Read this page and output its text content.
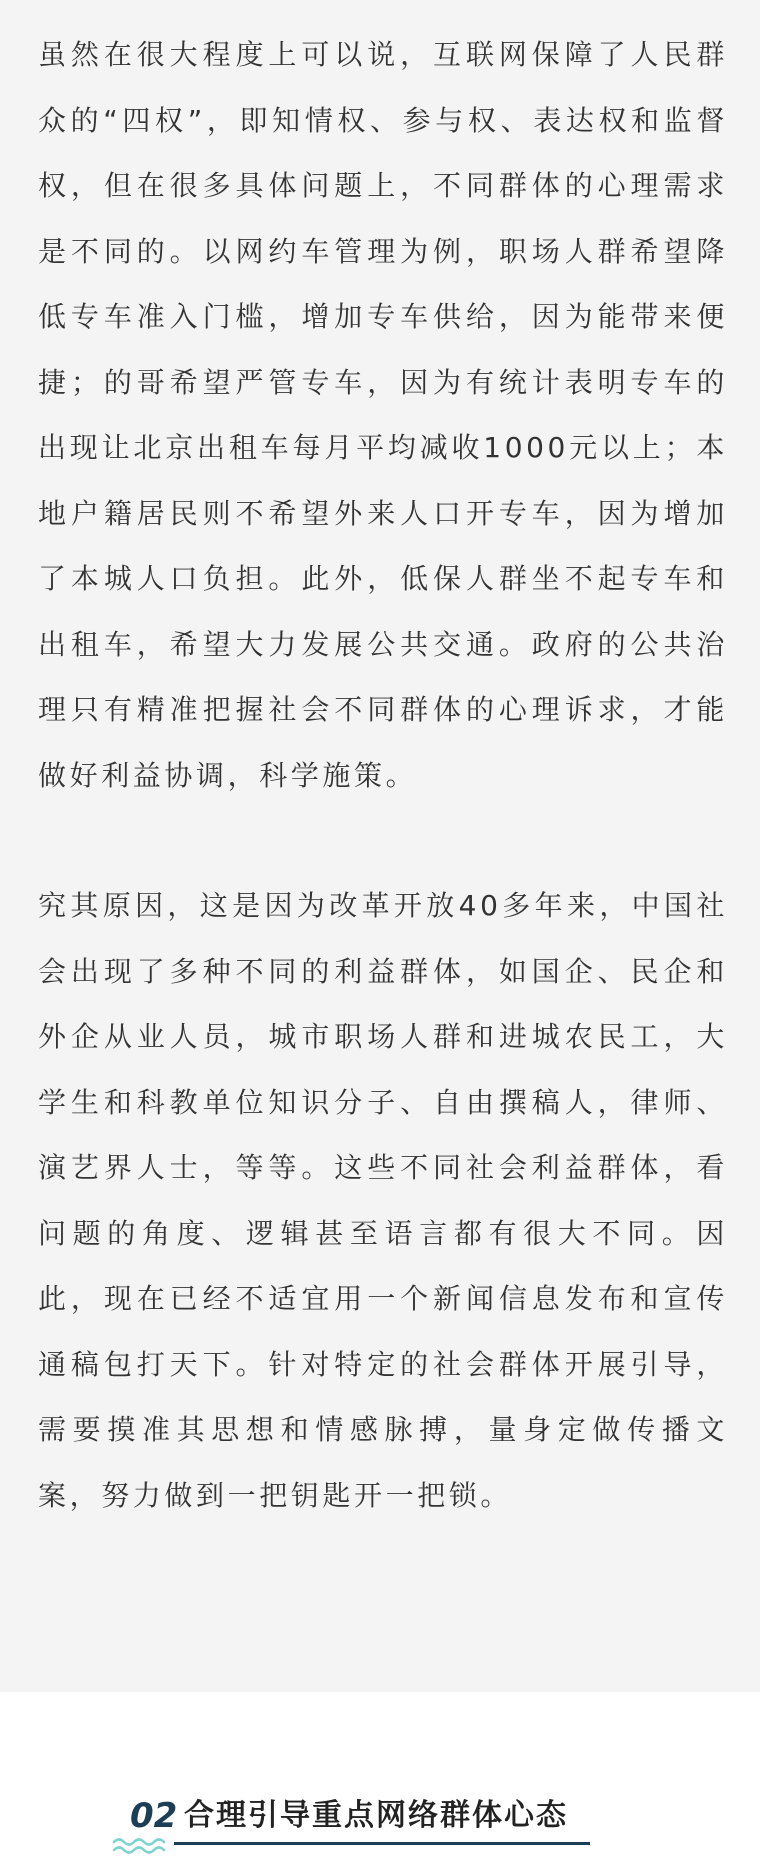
虽然在很大程度上可以说，互联网保障了人民群众的“四权”，即知情权、参与权、表达权和监督权，但在很多具体问题上，不同群体的心理需求是不同的。以网约车管理为例，职场人群希望降低专车准入门槛，增加专车供给，因为能带来便捷；的哥希望严管专车，因为有统计表明专车的出现让北京出租车每月平均减收1000元以上；本地户籍居民则不希望外来人口开专车，因为增加了本城人口负担。此外，低保人群坐不起专车和出租车，希望大力发展公共交通。政府的公共治理只有精准把握社会不同群体的心理诉求，才能做好利益协调，科学施策。

究其原因，这是因为改革开放40多年来，中国社会出现了多种不同的利益群体，如国企、民企和外企从业人员，城市职场人群和进城农民工，大学生和科教单位知识分子、自由撰稿人，律师、演艺界人士，等等。这些不同社会利益群体，看问题的角度、逻辑甚至语言都有很大不同。因此，现在已经不适宜用一个新闻信息发布和宣传通稿包打天下。针对特定的社会群体开展引导，需要摸准其思想和情感脉搏，量身定做传播文案，努力做到一把钥匙开一把锁。

02 合理引导重点网络群体心态
